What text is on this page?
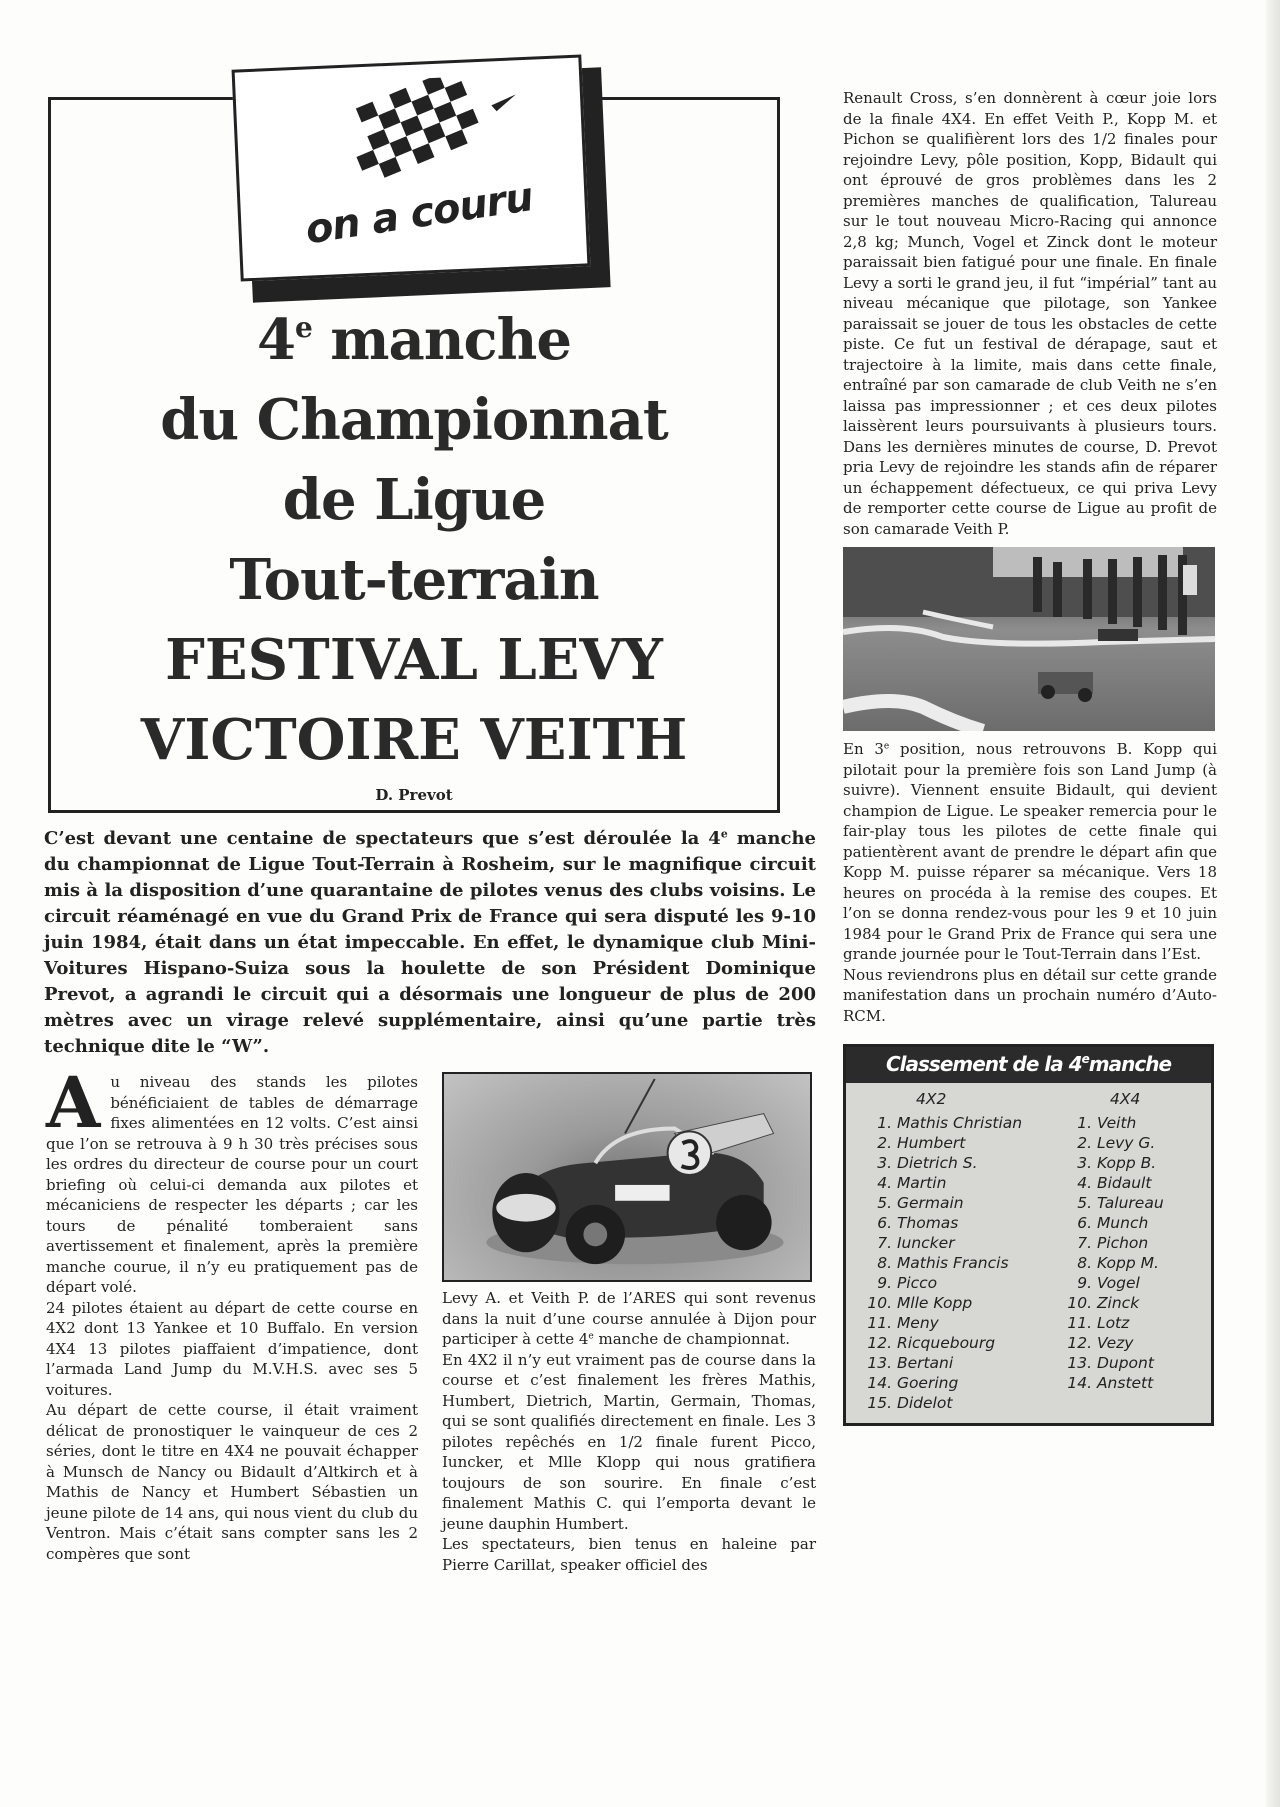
on a couru
4e manche
du Championnat
de Ligue
Tout-terrain
FESTIVAL LEVY
VICTOIRE VEITH
D. Prevot
C’est devant une centaine de spectateurs que s’est déroulée la 4e manche du championnat de Ligue Tout-Terrain à Rosheim, sur le magnifique circuit mis à la disposition d’une quarantaine de pilotes venus des clubs voisins. Le circuit réaménagé en vue du Grand Prix de France qui sera disputé les 9-10 juin 1984, était dans un état impeccable. En effet, le dynamique club Mini-Voitures Hispano-Suiza sous la houlette de son Président Dominique Prevot, a agrandi le circuit qui a désormais une longueur de plus de 200 mètres avec un virage relevé supplémentaire, ainsi qu’une partie très technique dite le “W”.

Au niveau des stands les pilotes bénéficiaient de tables de démarrage fixes alimentées en 12 volts. C’est ainsi que l’on se retrouva à 9 h 30 très précises sous les ordres du directeur de course pour un court briefing où celui-ci demanda aux pilotes et mécaniciens de respecter les départs ; car les tours de pénalité tomberaient sans avertissement et finalement, après la première manche courue, il n’y eu pratiquement pas de départ volé.

24 pilotes étaient au départ de cette course en 4X2 dont 13 Yankee et 10 Buffalo. En version 4X4 13 pilotes piaffaient d’impatience, dont l’armada Land Jump du M.V.H.S. avec ses 5 voitures.

Au départ de cette course, il était vraiment délicat de pronostiquer le vainqueur de ces 2 séries, dont le titre en 4X4 ne pouvait échapper à Munsch de Nancy ou Bidault d’Altkirch et à Mathis de Nancy et Humbert Sébastien un jeune pilote de 14 ans, qui nous vient du club du Ventron. Mais c’était sans compter sans les 2 compères que sont

Levy A. et Veith P. de l’ARES qui sont revenus dans la nuit d’une course annulée à Dijon pour participer à cette 4e manche de championnat.

En 4X2 il n’y eut vraiment pas de course dans la course et c’est finalement les frères Mathis, Humbert, Dietrich, Martin, Germain, Thomas, qui se sont qualifiés directement en finale. Les 3 pilotes repêchés en 1/2 finale furent Picco, Iuncker, et Mlle Klopp qui nous gratifiera toujours de son sourire. En finale c’est finalement Mathis C. qui l’emporta devant le jeune dauphin Humbert.

Les spectateurs, bien tenus en haleine par Pierre Carillat, speaker officiel des

Renault Cross, s’en donnèrent à cœur joie lors de la finale 4X4. En effet Veith P., Kopp M. et Pichon se qualifièrent lors des 1/2 finales pour rejoindre Levy, pôle position, Kopp, Bidault qui ont éprouvé de gros problèmes dans les 2 premières manches de qualification, Talureau sur le tout nouveau Micro-Racing qui annonce 2,8 kg; Munch, Vogel et Zinck dont le moteur paraissait bien fatigué pour une finale. En finale Levy a sorti le grand jeu, il fut “impérial” tant au niveau mécanique que pilotage, son Yankee paraissait se jouer de tous les obstacles de cette piste. Ce fut un festival de dérapage, saut et trajectoire à la limite, mais dans cette finale, entraîné par son camarade de club Veith ne s’en laissa pas impressionner ; et ces deux pilotes laissèrent leurs poursuivants à plusieurs tours. Dans les dernières minutes de course, D. Prevot pria Levy de rejoindre les stands afin de réparer un échappement défectueux, ce qui priva Levy de remporter cette course de Ligue au profit de son camarade Veith P.

En 3e position, nous retrouvons B. Kopp qui pilotait pour la première fois son Land Jump (à suivre). Viennent ensuite Bidault, qui devient champion de Ligue. Le speaker remercia pour le fair-play tous les pilotes de cette finale qui patientèrent avant de prendre le départ afin que Kopp M. puisse réparer sa mécanique. Vers 18 heures on procéda à la remise des coupes. Et l’on se donna rendez-vous pour les 9 et 10 juin 1984 pour le Grand Prix de France qui sera une grande journée pour le Tout-Terrain dans l’Est.

Nous reviendrons plus en détail sur cette grande manifestation dans un prochain numéro d’Auto-RCM.

Classement de la 4emanche
4X2
1. Mathis Christian
2. Humbert
3. Dietrich S.
4. Martin
5. Germain
6. Thomas
7. Iuncker
8. Mathis Francis
9. Picco
10. Mlle Kopp
11. Meny
12. Ricquebourg
13. Bertani
14. Goering
15. Didelot
4X4
1. Veith
2. Levy G.
3. Kopp B.
4. Bidault
5. Talureau
6. Munch
7. Pichon
8. Kopp M.
9. Vogel
10. Zinck
11. Lotz
12. Vezy
13. Dupont
14. Anstett
